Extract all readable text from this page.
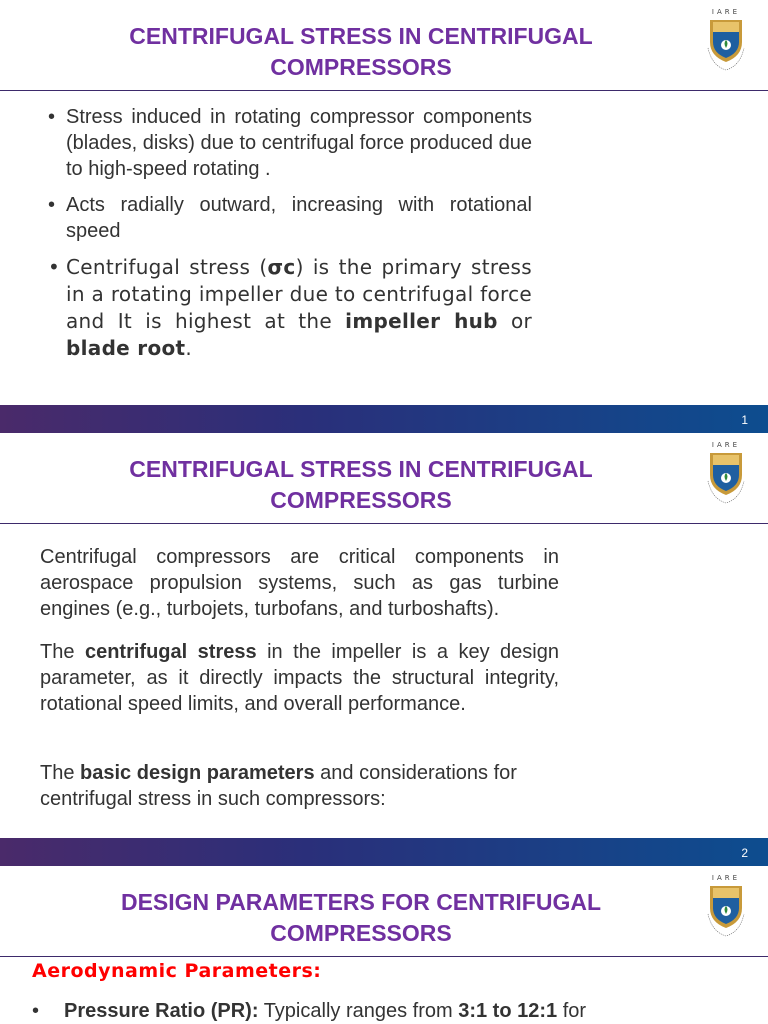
CENTRIFUGAL STRESS IN CENTRIFUGAL COMPRESSORS
IARE
• Stress induced in rotating compressor components (blades, disks) due to centrifugal force produced due to high-speed rotating .
• Acts radially outward, increasing with rotational speed
• Centrifugal stress (σc) is the primary stress in a rotating impeller due to centrifugal force and It is highest at the impeller hub or blade root.
1
CENTRIFUGAL STRESS IN CENTRIFUGAL COMPRESSORS
IARE
Centrifugal compressors are critical components in aerospace propulsion systems, such as gas turbine engines (e.g., turbojets, turbofans, and turboshafts).
The centrifugal stress in the impeller is a key design parameter, as it directly impacts the structural integrity, rotational speed limits, and overall performance.
The basic design parameters and considerations for centrifugal stress in such compressors:
2
DESIGN PARAMETERS FOR CENTRIFUGAL COMPRESSORS
IARE
Aerodynamic Parameters:
• Pressure Ratio (PR): Typically ranges from 3:1 to 12:1 for
